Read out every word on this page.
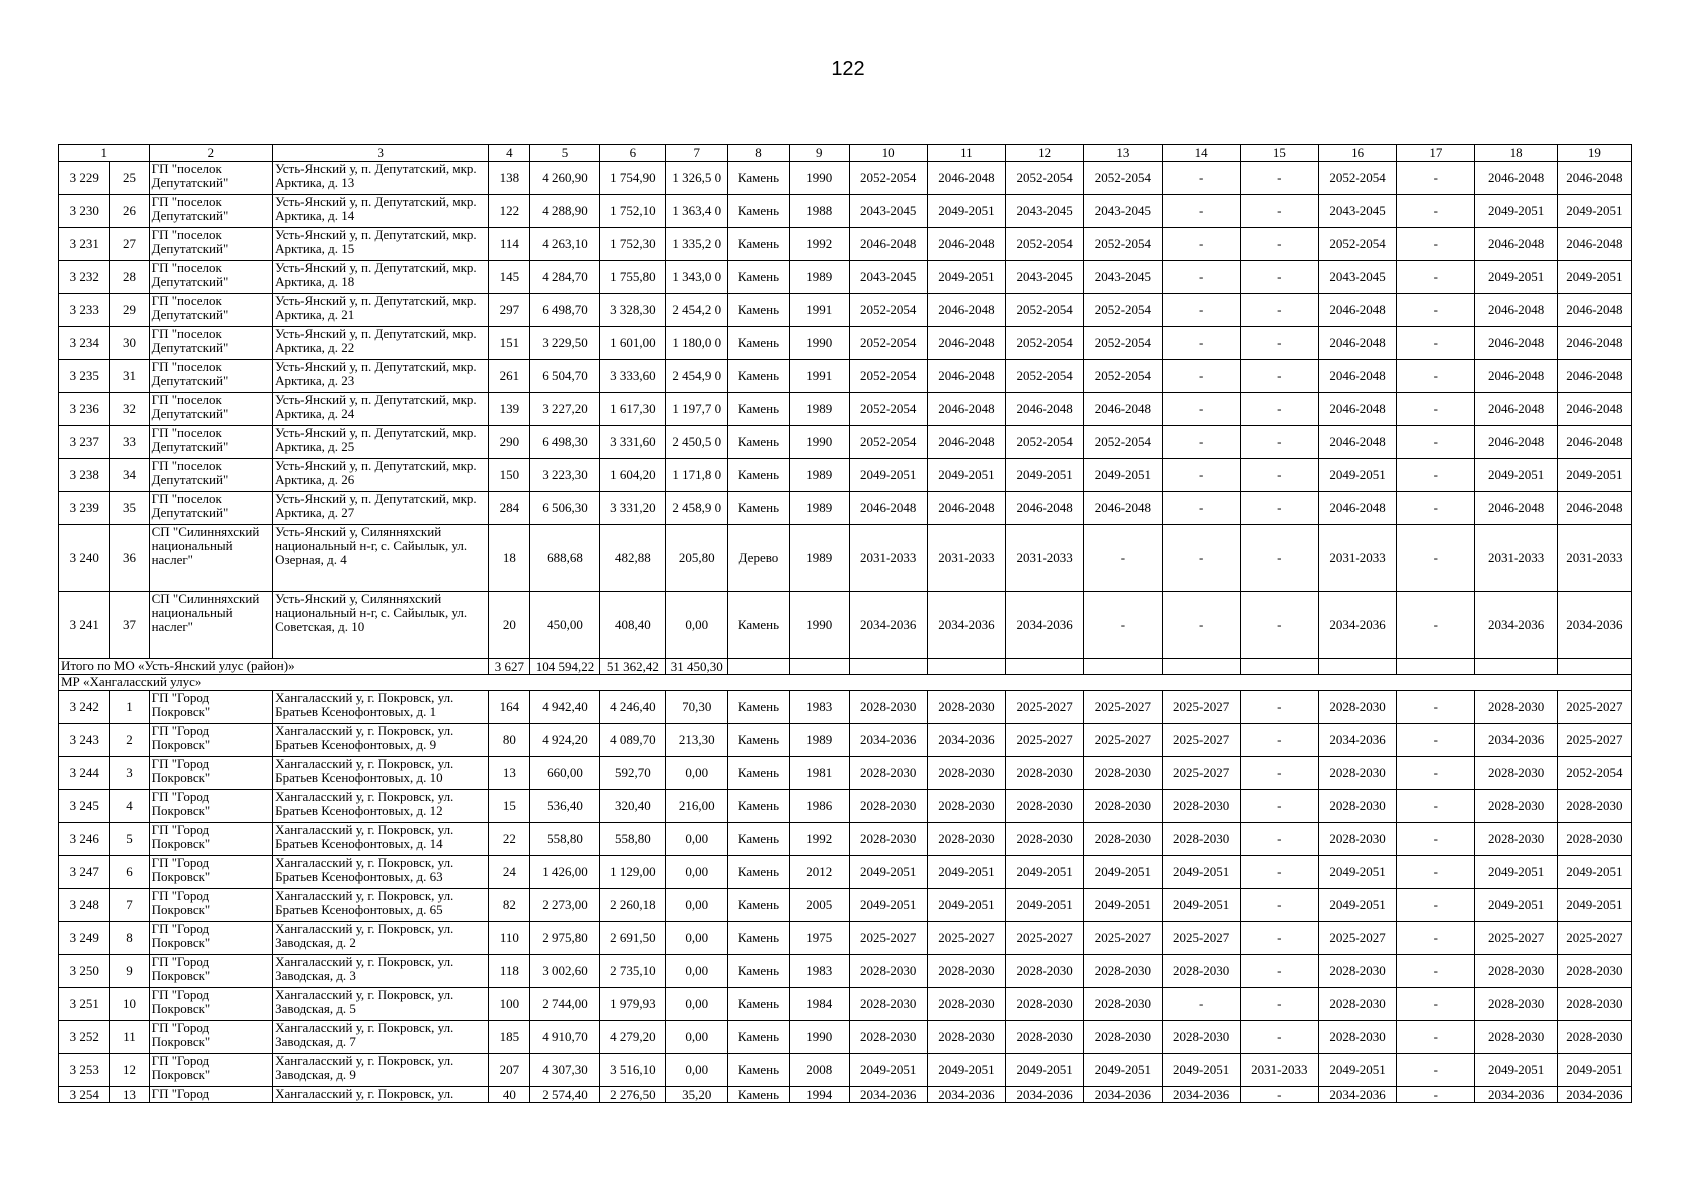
122
1		2	3	4	5	6	7	8	9	10	11	12	13	14	15	16	17	18	19
3 229	25	ГП "поселок Депутатский"	Усть-Янский у, п. Депутатский, мкр. Арктика, д. 13	138	4 260,90	1 754,90	1 326,5 0	Камень	1990	2052-2054	2046-2048	2052-2054	2052-2054	-	-	2052-2054	-	2046-2048	2046-2048
3 230	26	ГП "поселок Депутатский"	Усть-Янский у, п. Депутатский, мкр. Арктика, д. 14	122	4 288,90	1 752,10	1 363,4 0	Камень	1988	2043-2045	2049-2051	2043-2045	2043-2045	-	-	2043-2045	-	2049-2051	2049-2051
3 231	27	ГП "поселок Депутатский"	Усть-Янский у, п. Депутатский, мкр. Арктика, д. 15	114	4 263,10	1 752,30	1 335,2 0	Камень	1992	2046-2048	2046-2048	2052-2054	2052-2054	-	-	2052-2054	-	2046-2048	2046-2048
3 232	28	ГП "поселок Депутатский"	Усть-Янский у, п. Депутатский, мкр. Арктика, д. 18	145	4 284,70	1 755,80	1 343,0 0	Камень	1989	2043-2045	2049-2051	2043-2045	2043-2045	-	-	2043-2045	-	2049-2051	2049-2051
3 233	29	ГП "поселок Депутатский"	Усть-Янский у, п. Депутатский, мкр. Арктика, д. 21	297	6 498,70	3 328,30	2 454,2 0	Камень	1991	2052-2054	2046-2048	2052-2054	2052-2054	-	-	2046-2048	-	2046-2048	2046-2048
3 234	30	ГП "поселок Депутатский"	Усть-Янский у, п. Депутатский, мкр. Арктика, д. 22	151	3 229,50	1 601,00	1 180,0 0	Камень	1990	2052-2054	2046-2048	2052-2054	2052-2054	-	-	2046-2048	-	2046-2048	2046-2048
3 235	31	ГП "поселок Депутатский"	Усть-Янский у, п. Депутатский, мкр. Арктика, д. 23	261	6 504,70	3 333,60	2 454,9 0	Камень	1991	2052-2054	2046-2048	2052-2054	2052-2054	-	-	2046-2048	-	2046-2048	2046-2048
3 236	32	ГП "поселок Депутатский"	Усть-Янский у, п. Депутатский, мкр. Арктика, д. 24	139	3 227,20	1 617,30	1 197,7 0	Камень	1989	2052-2054	2046-2048	2046-2048	2046-2048	-	-	2046-2048	-	2046-2048	2046-2048
3 237	33	ГП "поселок Депутатский"	Усть-Янский у, п. Депутатский, мкр. Арктика, д. 25	290	6 498,30	3 331,60	2 450,5 0	Камень	1990	2052-2054	2046-2048	2052-2054	2052-2054	-	-	2046-2048	-	2046-2048	2046-2048
3 238	34	ГП "поселок Депутатский"	Усть-Янский у, п. Депутатский, мкр. Арктика, д. 26	150	3 223,30	1 604,20	1 171,8 0	Камень	1989	2049-2051	2049-2051	2049-2051	2049-2051	-	-	2049-2051	-	2049-2051	2049-2051
3 239	35	ГП "поселок Депутатский"	Усть-Янский у, п. Депутатский, мкр. Арктика, д. 27	284	6 506,30	3 331,20	2 458,9 0	Камень	1989	2046-2048	2046-2048	2046-2048	2046-2048	-	-	2046-2048	-	2046-2048	2046-2048
3 240	36	СП "Силинняхский национальный наслег"	Усть-Янский у, Силянняхский национальный н-г, с. Сайылык, ул. Озерная, д. 4	18	688,68	482,88	205,80	Дерево	1989	2031-2033	2031-2033	2031-2033	-	-	-	2031-2033	-	2031-2033	2031-2033
3 241	37	СП "Силинняхский национальный наслег"	Усть-Янский у, Силянняхский национальный н-г, с. Сайылык, ул. Советская, д. 10	20	450,00	408,40	0,00	Камень	1990	2034-2036	2034-2036	2034-2036	-	-	-	2034-2036	-	2034-2036	2034-2036
Итого по МО «Усть-Янский улус (район)»				3 627	104 594,22	51 362,42	31 450,30												
МР «Хангаласский улус»																			
3 242	1	ГП "Город Покровск"	Хангаласский у, г. Покровск, ул. Братьев Ксенофонтовых, д. 1	164	4 942,40	4 246,40	70,30	Камень	1983	2028-2030	2028-2030	2025-2027	2025-2027	2025-2027	-	2028-2030	-	2028-2030	2025-2027
3 243	2	ГП "Город Покровск"	Хангаласский у, г. Покровск, ул. Братьев Ксенофонтовых, д. 9	80	4 924,20	4 089,70	213,30	Камень	1989	2034-2036	2034-2036	2025-2027	2025-2027	2025-2027	-	2034-2036	-	2034-2036	2025-2027
3 244	3	ГП "Город Покровск"	Хангаласский у, г. Покровск, ул. Братьев Ксенофонтовых, д. 10	13	660,00	592,70	0,00	Камень	1981	2028-2030	2028-2030	2028-2030	2028-2030	2025-2027	-	2028-2030	-	2028-2030	2052-2054
3 245	4	ГП "Город Покровск"	Хангаласский у, г. Покровск, ул. Братьев Ксенофонтовых, д. 12	15	536,40	320,40	216,00	Камень	1986	2028-2030	2028-2030	2028-2030	2028-2030	2028-2030	-	2028-2030	-	2028-2030	2028-2030
3 246	5	ГП "Город Покровск"	Хангаласский у, г. Покровск, ул. Братьев Ксенофонтовых, д. 14	22	558,80	558,80	0,00	Камень	1992	2028-2030	2028-2030	2028-2030	2028-2030	2028-2030	-	2028-2030	-	2028-2030	2028-2030
3 247	6	ГП "Город Покровск"	Хангаласский у, г. Покровск, ул. Братьев Ксенофонтовых, д. 63	24	1 426,00	1 129,00	0,00	Камень	2012	2049-2051	2049-2051	2049-2051	2049-2051	2049-2051	-	2049-2051	-	2049-2051	2049-2051
3 248	7	ГП "Город Покровск"	Хангаласский у, г. Покровск, ул. Братьев Ксенофонтовых, д. 65	82	2 273,00	2 260,18	0,00	Камень	2005	2049-2051	2049-2051	2049-2051	2049-2051	2049-2051	-	2049-2051	-	2049-2051	2049-2051
3 249	8	ГП "Город Покровск"	Хангаласский у, г. Покровск, ул. Заводская, д. 2	110	2 975,80	2 691,50	0,00	Камень	1975	2025-2027	2025-2027	2025-2027	2025-2027	2025-2027	-	2025-2027	-	2025-2027	2025-2027
3 250	9	ГП "Город Покровск"	Хангаласский у, г. Покровск, ул. Заводская, д. 3	118	3 002,60	2 735,10	0,00	Камень	1983	2028-2030	2028-2030	2028-2030	2028-2030	2028-2030	-	2028-2030	-	2028-2030	2028-2030
3 251	10	ГП "Город Покровск"	Хангаласский у, г. Покровск, ул. Заводская, д. 5	100	2 744,00	1 979,93	0,00	Камень	1984	2028-2030	2028-2030	2028-2030	2028-2030	-	-	2028-2030	-	2028-2030	2028-2030
3 252	11	ГП "Город Покровск"	Хангаласский у, г. Покровск, ул. Заводская, д. 7	185	4 910,70	4 279,20	0,00	Камень	1990	2028-2030	2028-2030	2028-2030	2028-2030	2028-2030	-	2028-2030	-	2028-2030	2028-2030
3 253	12	ГП "Город Покровск"	Хангаласский у, г. Покровск, ул. Заводская, д. 9	207	4 307,30	3 516,10	0,00	Камень	2008	2049-2051	2049-2051	2049-2051	2049-2051	2049-2051	2031-2033	2049-2051	-	2049-2051	2049-2051
3 254	13	ГП "Город	Хангаласский у, г. Покровск, ул.	40	2 574,40	2 276,50	35,20	Камень	1994	2034-2036	2034-2036	2034-2036	2034-2036	2034-2036	-	2034-2036	-	2034-2036	2034-2036
